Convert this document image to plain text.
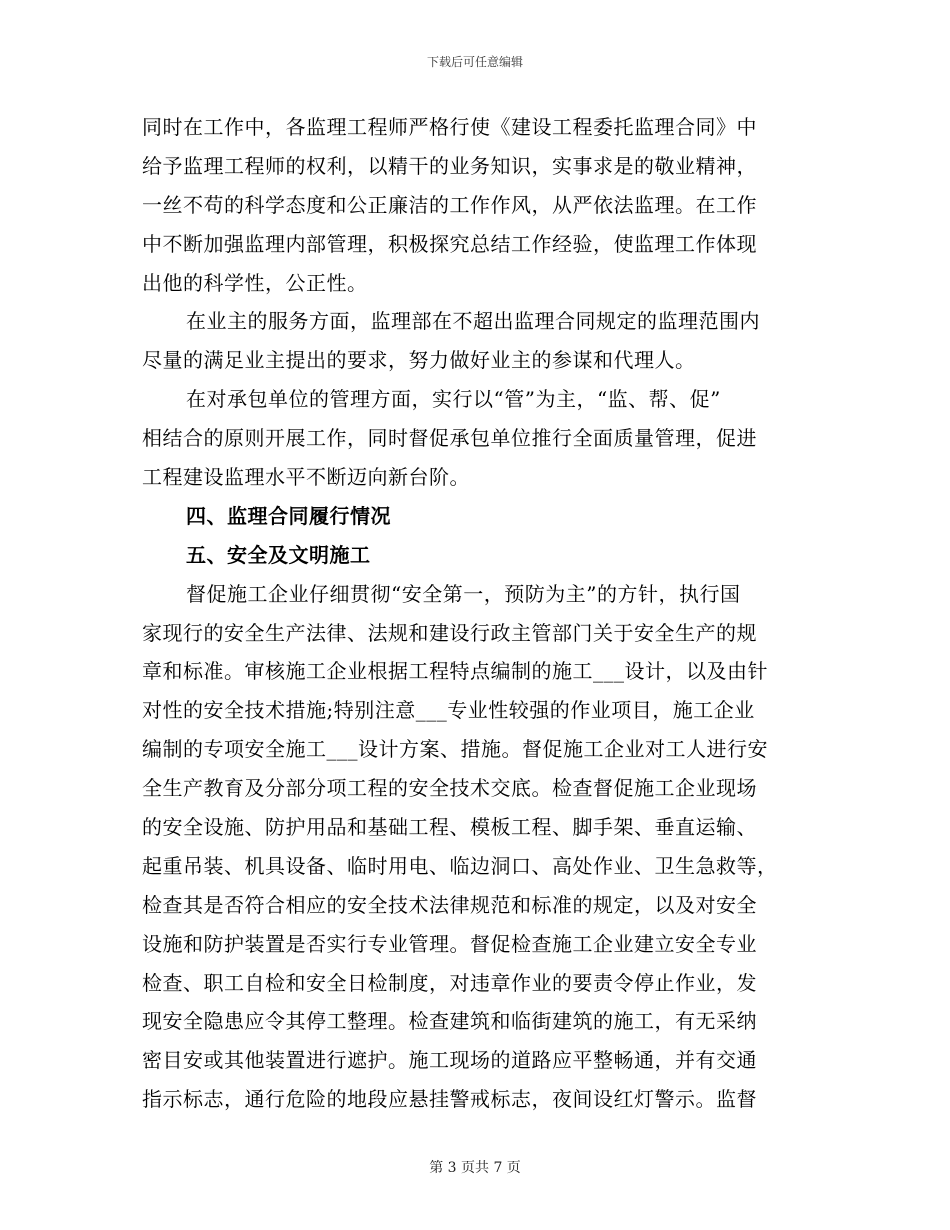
下载后可任意编辑
同时在工作中，各监理工程师严格行使《建设工程委托监理合同》中
给予监理工程师的权利，以精干的业务知识，实事求是的敬业精神，
一丝不苟的科学态度和公正廉洁的工作作风，从严依法监理。在工作
中不断加强监理内部管理，积极探究总结工作经验，使监理工作体现
出他的科学性，公正性。
在业主的服务方面，监理部在不超出监理合同规定的监理范围内
尽量的满足业主提出的要求，努力做好业主的参谋和代理人。
在对承包单位的管理方面，实行以“管”为主，“监、帮、促”
相结合的原则开展工作，同时督促承包单位推行全面质量管理，促进
工程建设监理水平不断迈向新台阶。
四、监理合同履行情况
五、安全及文明施工
督促施工企业仔细贯彻“安全第一，预防为主”的方针，执行国
家现行的安全生产法律、法规和建设行政主管部门关于安全生产的规
章和标准。审核施工企业根据工程特点编制的施工___设计，以及由针
对性的安全技术措施;特别注意___专业性较强的作业项目，施工企业
编制的专项安全施工___设计方案、措施。督促施工企业对工人进行安
全生产教育及分部分项工程的安全技术交底。检查督促施工企业现场
的安全设施、防护用品和基础工程、模板工程、脚手架、垂直运输、
起重吊装、机具设备、临时用电、临边洞口、高处作业、卫生急救等，
检查其是否符合相应的安全技术法律规范和标准的规定，以及对安全
设施和防护装置是否实行专业管理。督促检查施工企业建立安全专业
检查、职工自检和安全日检制度，对违章作业的要责令停止作业，发
现安全隐患应令其停工整理。检查建筑和临街建筑的施工，有无采纳
密目安或其他装置进行遮护。施工现场的道路应平整畅通，并有交通
指示标志，通行危险的地段应悬挂警戒标志，夜间设红灯警示。监督
第 3 页共 7 页
